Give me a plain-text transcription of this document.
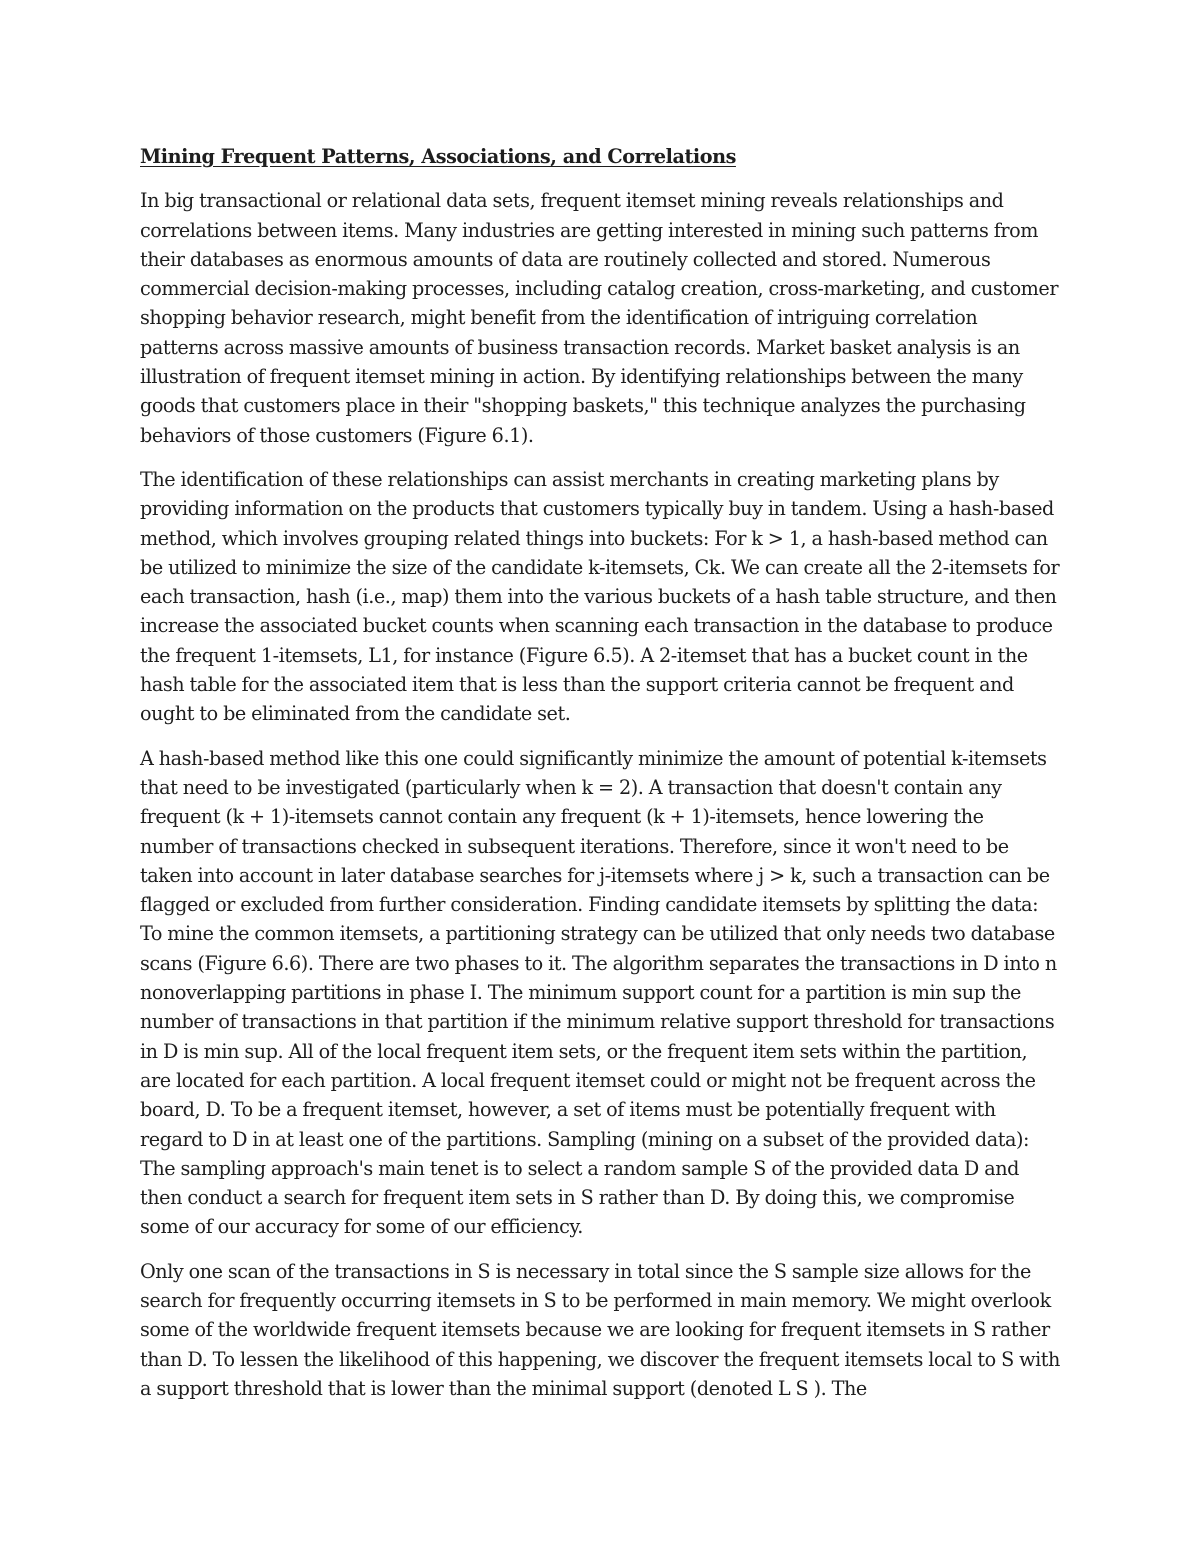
Mining Frequent Patterns, Associations, and Correlations

In big transactional or relational data sets, frequent itemset mining reveals relationships and correlations between items. Many industries are getting interested in mining such patterns from their databases as enormous amounts of data are routinely collected and stored. Numerous commercial decision-making processes, including catalog creation, cross-marketing, and customer shopping behavior research, might benefit from the identification of intriguing correlation patterns across massive amounts of business transaction records. Market basket analysis is an illustration of frequent itemset mining in action. By identifying relationships between the many goods that customers place in their "shopping baskets," this technique analyzes the purchasing behaviors of those customers (Figure 6.1).

The identification of these relationships can assist merchants in creating marketing plans by providing information on the products that customers typically buy in tandem. Using a hash-based method, which involves grouping related things into buckets: For k > 1, a hash-based method can be utilized to minimize the size of the candidate k-itemsets, Ck. We can create all the 2-itemsets for each transaction, hash (i.e., map) them into the various buckets of a hash table structure, and then increase the associated bucket counts when scanning each transaction in the database to produce the frequent 1-itemsets, L1, for instance (Figure 6.5). A 2-itemset that has a bucket count in the hash table for the associated item that is less than the support criteria cannot be frequent and ought to be eliminated from the candidate set.

A hash-based method like this one could significantly minimize the amount of potential k-itemsets that need to be investigated (particularly when k = 2). A transaction that doesn't contain any frequent (k + 1)-itemsets cannot contain any frequent (k + 1)-itemsets, hence lowering the number of transactions checked in subsequent iterations. Therefore, since it won't need to be taken into account in later database searches for j-itemsets where j > k, such a transaction can be flagged or excluded from further consideration. Finding candidate itemsets by splitting the data: To mine the common itemsets, a partitioning strategy can be utilized that only needs two database scans (Figure 6.6). There are two phases to it. The algorithm separates the transactions in D into n nonoverlapping partitions in phase I. The minimum support count for a partition is min sup the number of transactions in that partition if the minimum relative support threshold for transactions in D is min sup. All of the local frequent item sets, or the frequent item sets within the partition, are located for each partition. A local frequent itemset could or might not be frequent across the board, D. To be a frequent itemset, however, a set of items must be potentially frequent with regard to D in at least one of the partitions. Sampling (mining on a subset of the provided data): The sampling approach's main tenet is to select a random sample S of the provided data D and then conduct a search for frequent item sets in S rather than D. By doing this, we compromise some of our accuracy for some of our efficiency.

Only one scan of the transactions in S is necessary in total since the S sample size allows for the search for frequently occurring itemsets in S to be performed in main memory. We might overlook some of the worldwide frequent itemsets because we are looking for frequent itemsets in S rather than D. To lessen the likelihood of this happening, we discover the frequent itemsets local to S with a support threshold that is lower than the minimal support (denoted L S ). The
